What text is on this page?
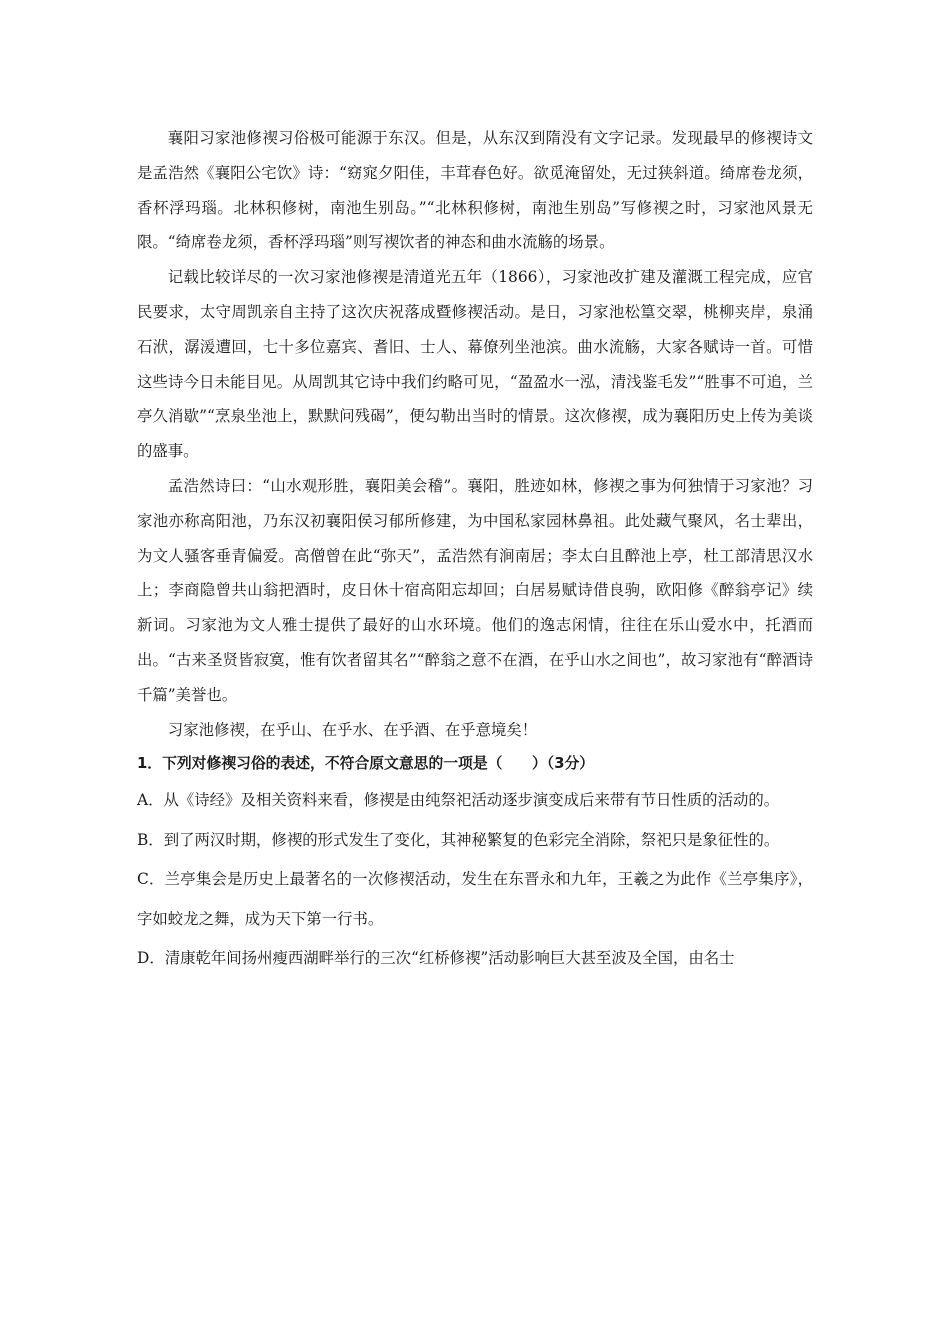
襄阳习家池修禊习俗极可能源于东汉。但是，从东汉到隋没有文字记录。发现最早的修禊诗文是孟浩然《襄阳公宅饮》诗：“窈窕夕阳佳，丰茸春色好。欲觅淹留处，无过狭斜道。绮席卷龙须，香杯浮玛瑙。北林积修树，南池生别岛。”“北林积修树，南池生别岛”写修禊之时，习家池风景无限。“绮席卷龙须，香杯浮玛瑙”则写禊饮者的神态和曲水流觞的场景。

记载比较详尽的一次习家池修禊是清道光五年（1866），习家池改扩建及灌溉工程完成，应官民要求，太守周凯亲自主持了这次庆祝落成暨修禊活动。是日，习家池松篁交翠，桃柳夹岸，泉涌石洑，潺湲遭回，七十多位嘉宾、耆旧、士人、幕僚列坐池滨。曲水流觞，大家各赋诗一首。可惜这些诗今日未能目见。从周凯其它诗中我们约略可见，“盈盈水一泓，清浅鉴毛发”“胜事不可追，兰亭久消歇”“烹泉坐池上，默默问残碣”，便勾勒出当时的情景。这次修禊，成为襄阳历史上传为美谈的盛事。

孟浩然诗曰：“山水观形胜，襄阳美会稽”。襄阳，胜迹如林，修禊之事为何独情于习家池？习家池亦称高阳池，乃东汉初襄阳侯习郁所修建，为中国私家园林鼻祖。此处藏气聚风，名士辈出，为文人骚客垂青偏爱。高僧曾在此“弥天”，孟浩然有涧南居；李太白且醉池上亭，杜工部清思汉水上；李商隐曾共山翁把酒时，皮日休十宿高阳忘却回；白居易赋诗借良驹，欧阳修《醉翁亭记》续新词。习家池为文人雅士提供了最好的山水环境。他们的逸志闲情，往往在乐山爱水中，托酒而出。“古来圣贤皆寂寞，惟有饮者留其名”“醉翁之意不在酒，在乎山水之间也”，故习家池有“醉酒诗千篇”美誉也。

习家池修禊，在乎山、在乎水、在乎酒、在乎意境矣！

1．下列对修禊习俗的表述，不符合原文意思的一项是（　　）（3分）

A．从《诗经》及相关资料来看，修禊是由纯祭祀活动逐步演变成后来带有节日性质的活动的。

B．到了两汉时期，修禊的形式发生了变化，其神秘繁复的色彩完全消除，祭祀只是象征性的。

C．兰亭集会是历史上最著名的一次修禊活动，发生在东晋永和九年，王羲之为此作《兰亭集序》，字如蛟龙之舞，成为天下第一行书。

D．清康乾年间扬州瘦西湖畔举行的三次“红桥修禊”活动影响巨大甚至波及全国，由名士
